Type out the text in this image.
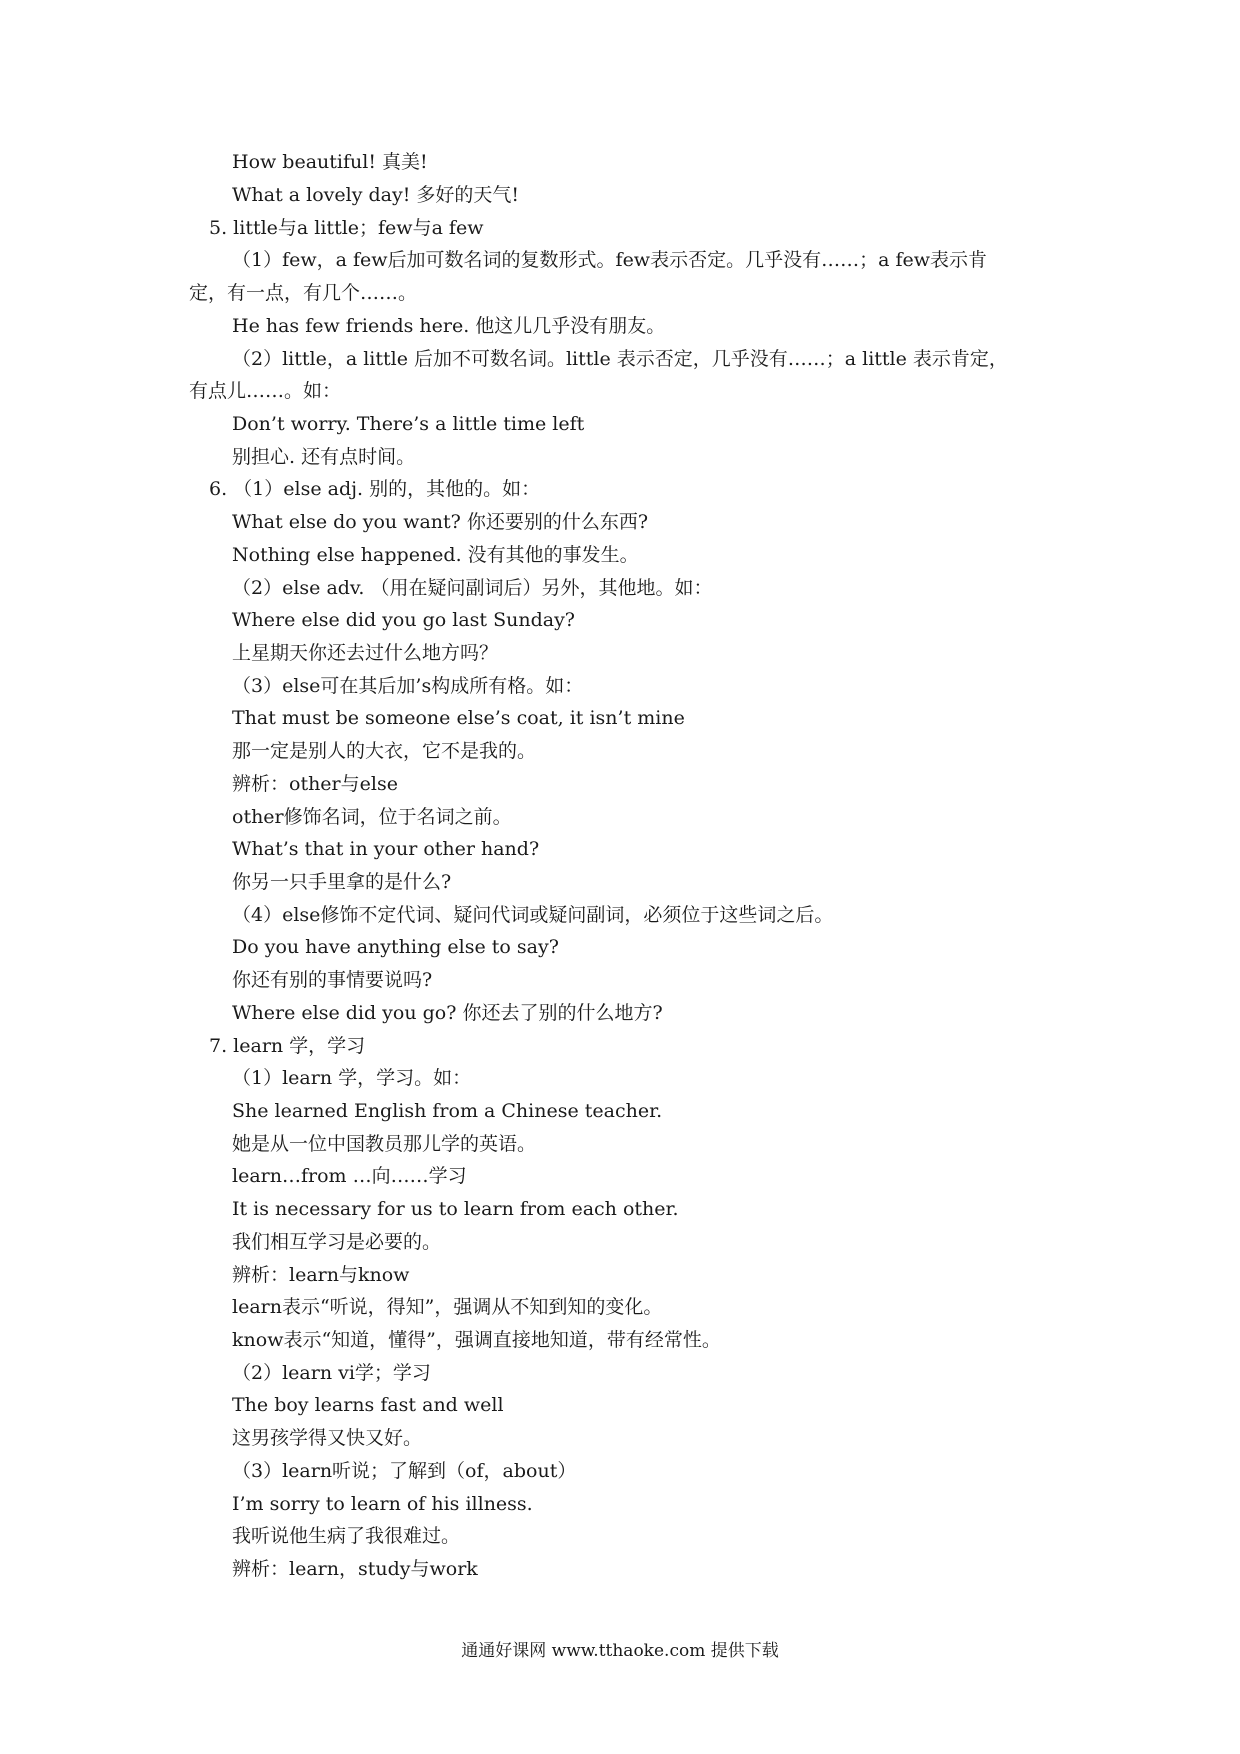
How beautiful! 真美!
What a lovely day! 多好的天气!
5. little与a little；few与a few
（1）few，a few后加可数名词的复数形式。few表示否定。几乎没有……；a few表示肯
定，有一点，有几个……。
He has few friends here. 他这儿几乎没有朋友。
（2）little，a little 后加不可数名词。little 表示否定，几乎没有……；a little 表示肯定，
有点儿……。如：
Don’t worry. There’s a little time left
别担心. 还有点时间。
6. （1）else adj. 别的，其他的。如：
What else do you want? 你还要别的什么东西?
Nothing else happened. 没有其他的事发生。
（2）else adv. （用在疑问副词后）另外，其他地。如：
Where else did you go last Sunday?
上星期天你还去过什么地方吗？
（3）else可在其后加’s构成所有格。如：
That must be someone else’s coat, it isn’t mine
那一定是别人的大衣，它不是我的。
辨析：other与else
other修饰名词，位于名词之前。
What’s that in your other hand?
你另一只手里拿的是什么?
（4）else修饰不定代词、疑问代词或疑问副词，必须位于这些词之后。
Do you have anything else to say?
你还有别的事情要说吗?
Where else did you go? 你还去了别的什么地方?
7. learn 学，学习
（1）learn 学，学习。如：
She learned English from a Chinese teacher.
她是从一位中国教员那儿学的英语。
learn…from …向……学习
It is necessary for us to learn from each other.
我们相互学习是必要的。
辨析：learn与know
learn表示“听说，得知”，强调从不知到知的变化。
know表示“知道，懂得”，强调直接地知道，带有经常性。
（2）learn vi学；学习
The boy learns fast and well
这男孩学得又快又好。
（3）learn听说；了解到（of，about）
I’m sorry to learn of his illness.
我听说他生病了我很难过。
辨析：learn，study与work
通通好课网 www.tthaoke.com 提供下载
